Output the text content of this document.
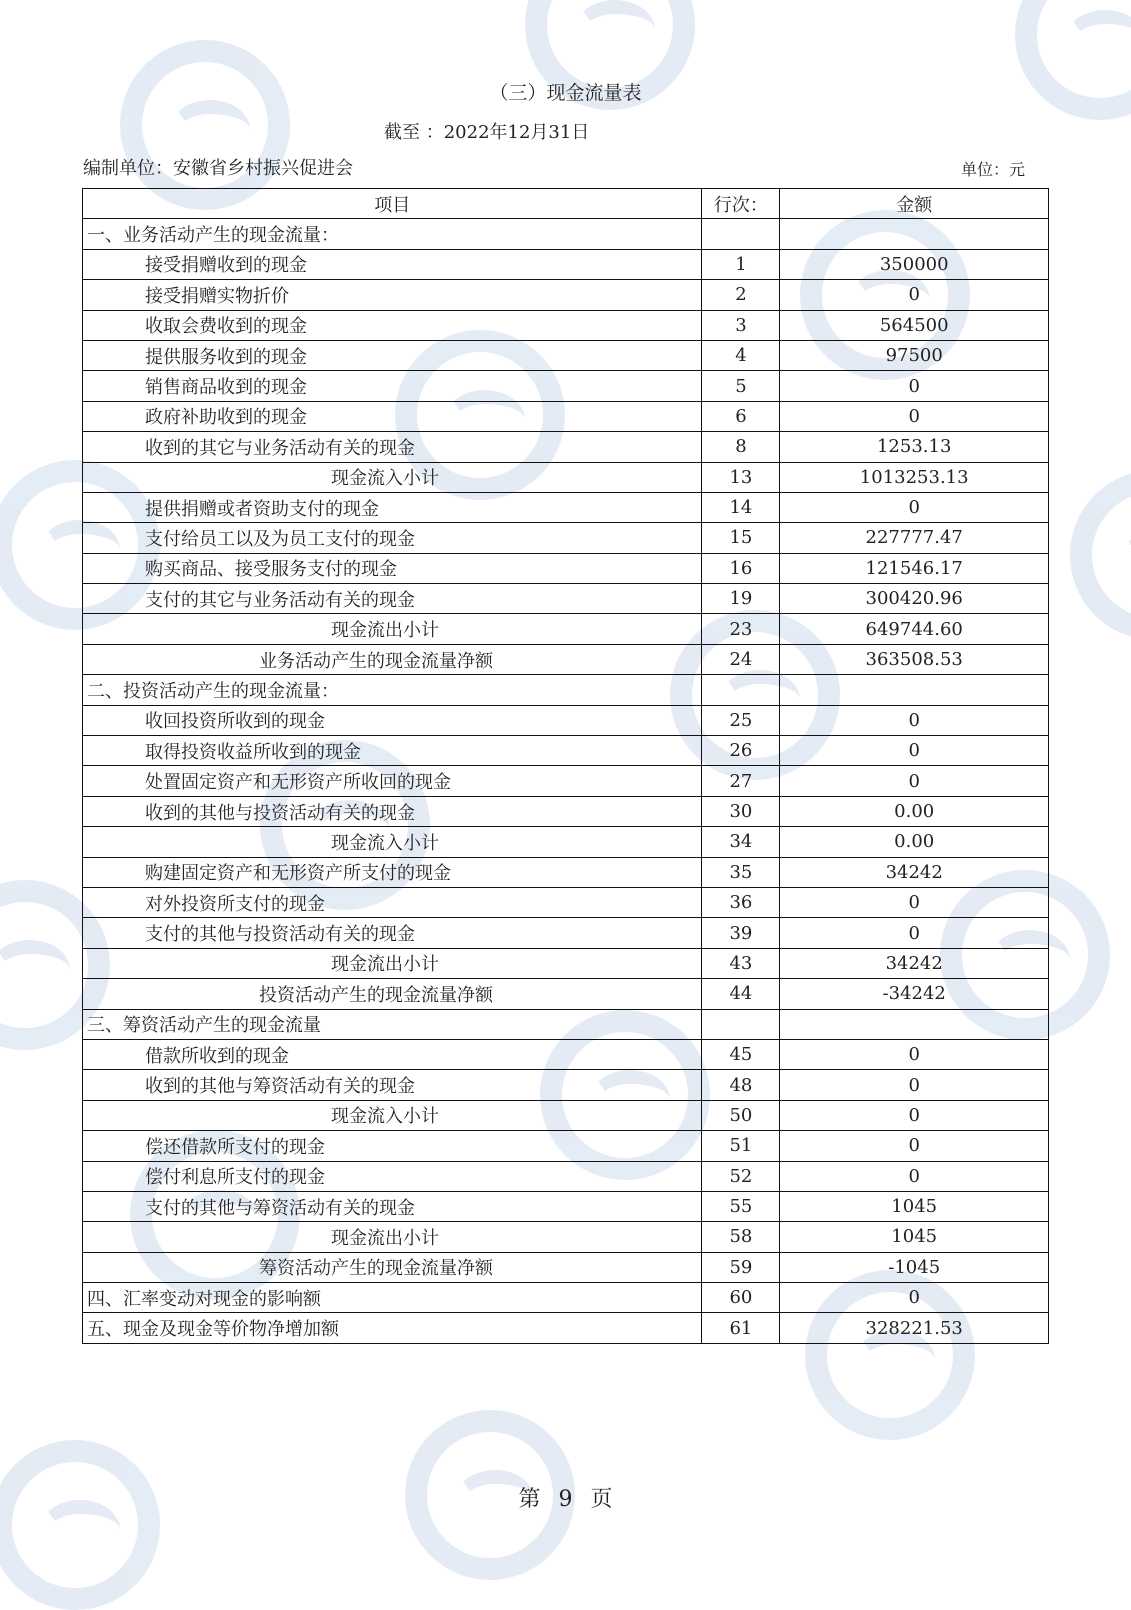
（三）现金流量表
截至 ：2022年12月31日
编制单位：安徽省乡村振兴促进会	单位：元
项目	行次：	金额
一、业务活动产生的现金流量：		
接受捐赠收到的现金	1	350000
接受捐赠实物折价	2	0
收取会费收到的现金	3	564500
提供服务收到的现金	4	97500
销售商品收到的现金	5	0
政府补助收到的现金	6	0
收到的其它与业务活动有关的现金	8	1253.13
现金流入小计	13	1013253.13
提供捐赠或者资助支付的现金	14	0
支付给员工以及为员工支付的现金	15	227777.47
购买商品、接受服务支付的现金	16	121546.17
支付的其它与业务活动有关的现金	19	300420.96
现金流出小计	23	649744.60
业务活动产生的现金流量净额	24	363508.53
二、投资活动产生的现金流量：		
收回投资所收到的现金	25	0
取得投资收益所收到的现金	26	0
处置固定资产和无形资产所收回的现金	27	0
收到的其他与投资活动有关的现金	30	0.00
现金流入小计	34	0.00
购建固定资产和无形资产所支付的现金	35	34242
对外投资所支付的现金	36	0
支付的其他与投资活动有关的现金	39	0
现金流出小计	43	34242
投资活动产生的现金流量净额	44	-34242
三、筹资活动产生的现金流量		
借款所收到的现金	45	0
收到的其他与筹资活动有关的现金	48	0
现金流入小计	50	0
偿还借款所支付的现金	51	0
偿付利息所支付的现金	52	0
支付的其他与筹资活动有关的现金	55	1045
现金流出小计	58	1045
筹资活动产生的现金流量净额	59	-1045
四、汇率变动对现金的影响额	60	0
五、现金及现金等价物净增加额	61	328221.53
第 9 页
